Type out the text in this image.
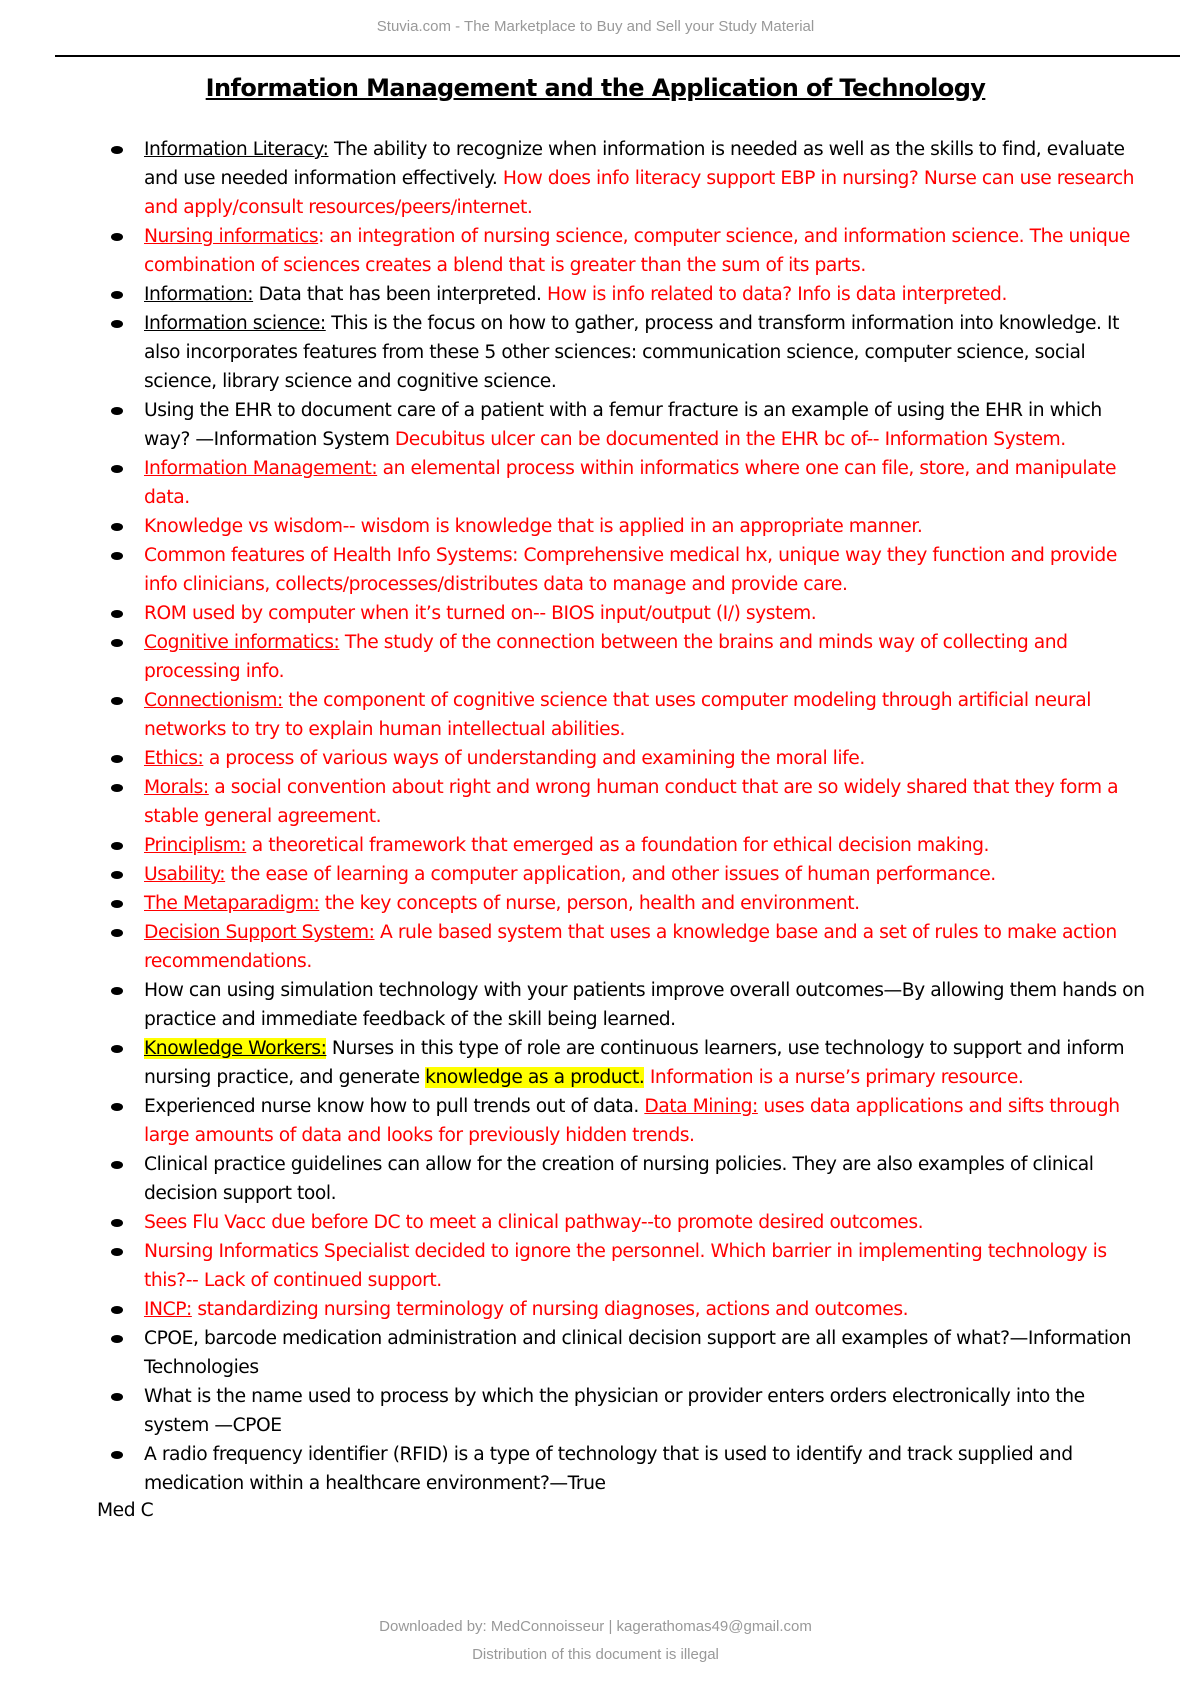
Stuvia.com - The Marketplace to Buy and Sell your Study Material
Information Management and the Application of Technology
Information Literacy: The ability to recognize when information is needed as well as the skills to find, evaluate and use needed information effectively. How does info literacy support EBP in nursing? Nurse can use research and apply/consult resources/peers/internet.
Nursing informatics: an integration of nursing science, computer science, and information science. The unique combination of sciences creates a blend that is greater than the sum of its parts.
Information: Data that has been interpreted. How is info related to data? Info is data interpreted.
Information science: This is the focus on how to gather, process and transform information into knowledge. It also incorporates features from these 5 other sciences: communication science, computer science, social science, library science and cognitive science.
Using the EHR to document care of a patient with a femur fracture is an example of using the EHR in which way? —Information System Decubitus ulcer can be documented in the EHR bc of-- Information System.
Information Management: an elemental process within informatics where one can file, store, and manipulate data.
Knowledge vs wisdom-- wisdom is knowledge that is applied in an appropriate manner.
Common features of Health Info Systems: Comprehensive medical hx, unique way they function and provide info clinicians, collects/processes/distributes data to manage and provide care.
ROM used by computer when it’s turned on-- BIOS input/output (I/) system.
Cognitive informatics: The study of the connection between the brains and minds way of collecting and processing info.
Connectionism: the component of cognitive science that uses computer modeling through artificial neural networks to try to explain human intellectual abilities.
Ethics: a process of various ways of understanding and examining the moral life.
Morals: a social convention about right and wrong human conduct that are so widely shared that they form a stable general agreement.
Principlism: a theoretical framework that emerged as a foundation for ethical decision making.
Usability: the ease of learning a computer application, and other issues of human performance.
The Metaparadigm: the key concepts of nurse, person, health and environment.
Decision Support System: A rule based system that uses a knowledge base and a set of rules to make action recommendations.
How can using simulation technology with your patients improve overall outcomes—By allowing them hands on practice and immediate feedback of the skill being learned.
Knowledge Workers: Nurses in this type of role are continuous learners, use technology to support and inform nursing practice, and generate knowledge as a product. Information is a nurse’s primary resource.
Experienced nurse know how to pull trends out of data. Data Mining: uses data applications and sifts through large amounts of data and looks for previously hidden trends.
Clinical practice guidelines can allow for the creation of nursing policies. They are also examples of clinical decision support tool.
Sees Flu Vacc due before DC to meet a clinical pathway--to promote desired outcomes.
Nursing Informatics Specialist decided to ignore the personnel. Which barrier in implementing technology is this?-- Lack of continued support.
INCP: standardizing nursing terminology of nursing diagnoses, actions and outcomes.
CPOE, barcode medication administration and clinical decision support are all examples of what?—Information Technologies
What is the name used to process by which the physician or provider enters orders electronically into the system —CPOE
A radio frequency identifier (RFID) is a type of technology that is used to identify and track supplied and medication within a healthcare environment?—True
Med C
Downloaded by: MedConnoisseur | kagerathomas49@gmail.com
Distribution of this document is illegal
